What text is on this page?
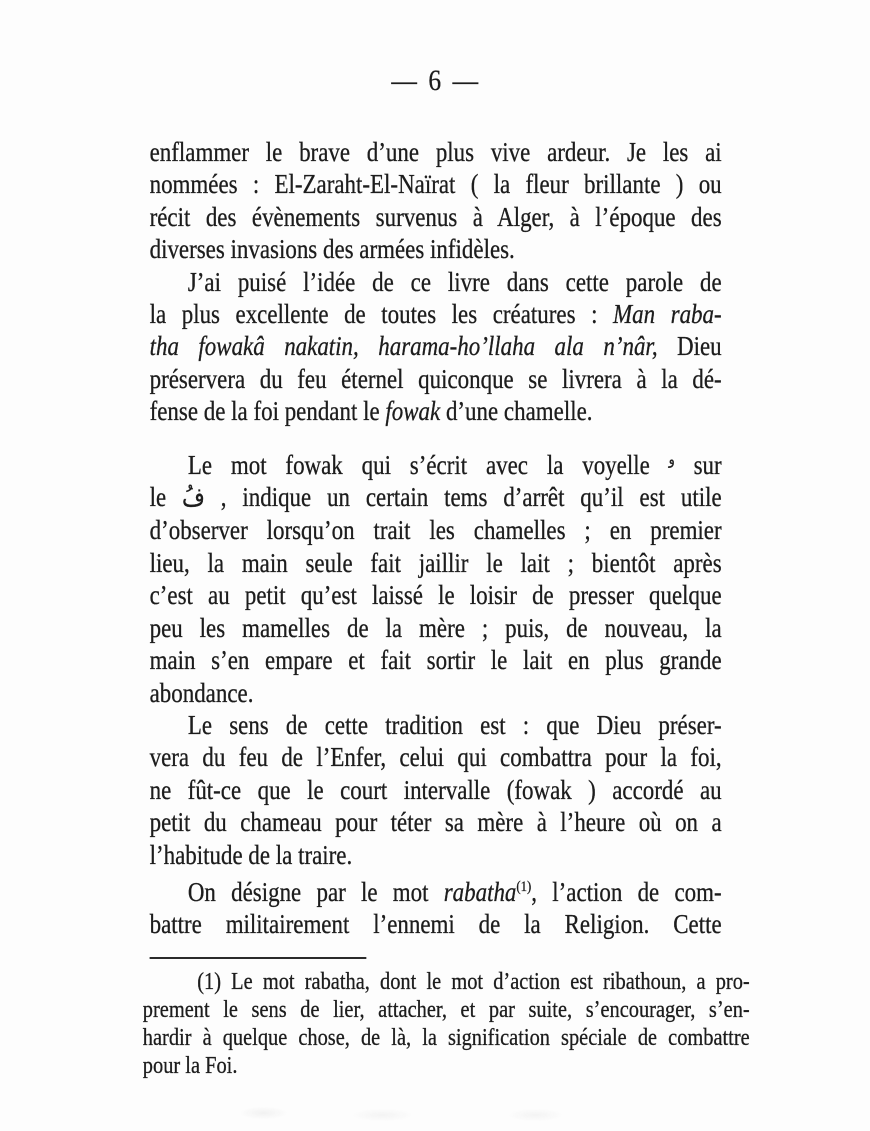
— 6 —
enflammer le brave d’une plus vive ardeur. Je les ai
nommées : El-Zaraht-El-Naïrat ( la fleur brillante ) ou
récit des évènements survenus à Alger, à l’époque des
diverses invasions des armées infidèles.
J’ai puisé l’idée de ce livre dans cette parole de
la plus excellente de toutes les créatures : Man raba-
tha fowakâ nakatin, harama-ho’llaha ala n’nâr, Dieu
préservera du feu éternel quiconque se livrera à la dé-
fense de la foi pendant le fowak d’une chamelle.
Le mot fowak qui s’écrit avec la voyelle $^و$ sur
le فُ , indique un certain tems d’arrêt qu’il est utile
d’observer lorsqu’on trait les chamelles ; en premier
lieu, la main seule fait jaillir le lait ; bientôt après
c’est au petit qu’est laissé le loisir de presser quelque
peu les mamelles de la mère ; puis, de nouveau, la
main s’en empare et fait sortir le lait en plus grande
abondance.
Le sens de cette tradition est : que Dieu préser-
vera du feu de l’Enfer, celui qui combattra pour la foi,
ne fût-ce que le court intervalle (fowak ) accordé au
petit du chameau pour téter sa mère à l’heure où on a
l’habitude de la traire.
On désigne par le mot rabatha$^{(1)}$, l’action de com-
battre militairement l’ennemi de la Religion. Cette
(1) Le mot rabatha, dont le mot d’action est ribathoun, a pro-
prement le sens de lier, attacher, et par suite, s’encourager, s’en-
hardir à quelque chose, de là, la signification spéciale de combattre
pour la Foi.
